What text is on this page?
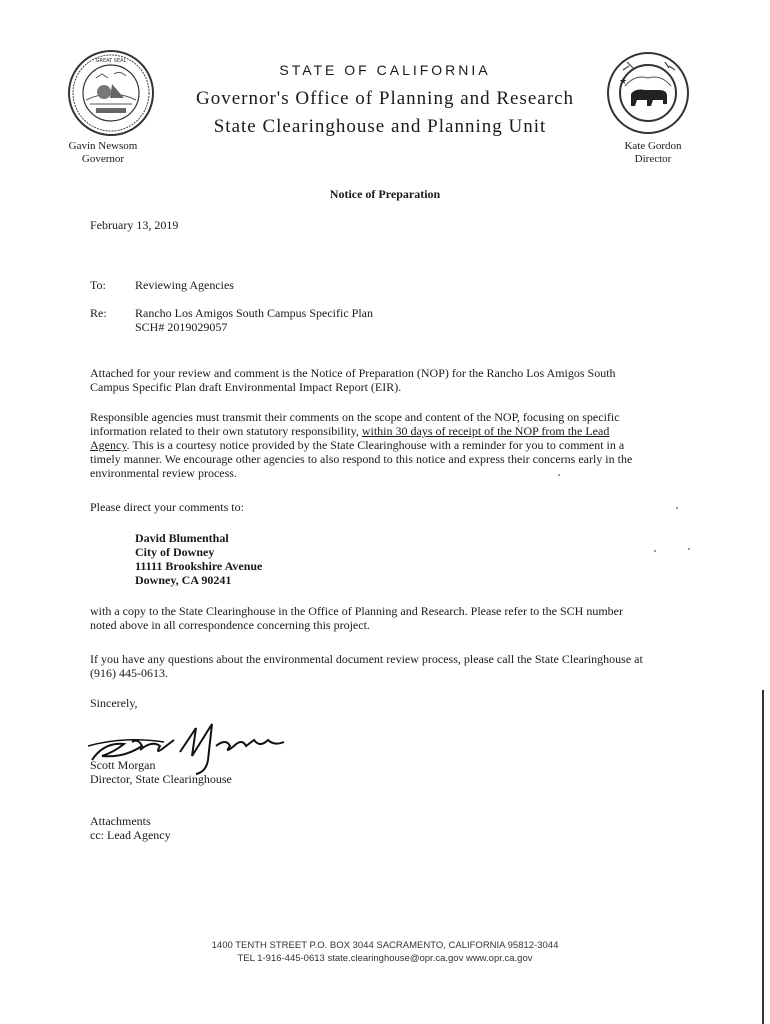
GREAT SEAL
★
STATE OF CALIFORNIA
Governor's Office of Planning and Research
State Clearinghouse and Planning Unit
Gavin Newsom
Governor
Kate Gordon
Director
Notice of Preparation
February 13, 2019
To: Reviewing Agencies
Re: Rancho Los Amigos South Campus Specific Plan
SCH# 2019029057
Attached for your review and comment is the Notice of Preparation (NOP) for the Rancho Los Amigos South
Campus Specific Plan draft Environmental Impact Report (EIR).
Responsible agencies must transmit their comments on the scope and content of the NOP, focusing on specific
information related to their own statutory responsibility, within 30 days of receipt of the NOP from the Lead
Agency. This is a courtesy notice provided by the State Clearinghouse with a reminder for you to comment in a
timely manner. We encourage other agencies to also respond to this notice and express their concerns early in the
environmental review process.
Please direct your comments to:
David Blumenthal
City of Downey
11111 Brookshire Avenue
Downey, CA 90241
with a copy to the State Clearinghouse in the Office of Planning and Research. Please refer to the SCH number
noted above in all correspondence concerning this project.
If you have any questions about the environmental document review process, please call the State Clearinghouse at
(916) 445-0613.
Sincerely,
Scott Morgan
Director, State Clearinghouse
Attachments
cc: Lead Agency
1400 TENTH STREET P.O. BOX 3044 SACRAMENTO, CALIFORNIA 95812-3044
TEL 1-916-445-0613 state.clearinghouse@opr.ca.gov www.opr.ca.gov
